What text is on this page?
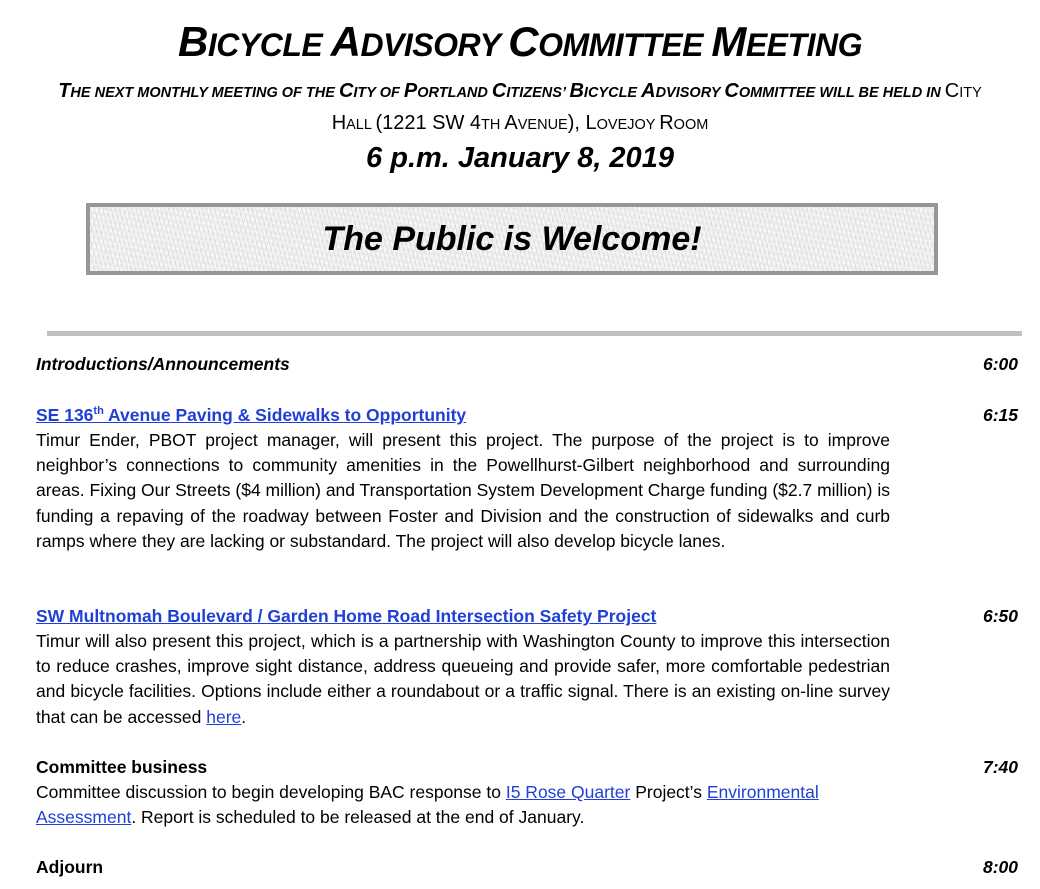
BICYCLE ADVISORY COMMITTEE MEETING
THE NEXT MONTHLY MEETING OF THE CITY OF PORTLAND CITIZENS’ BICYCLE ADVISORY COMMITTEE WILL BE HELD IN CITY
HALL (1221 SW 4TH AVENUE), LOVEJOY ROOM
6 p.m. January 8, 2019
The Public is Welcome!
Introductions/Announcements	6:00
SE 136th Avenue Paving & Sidewalks to Opportunity	6:15
Timur Ender, PBOT project manager, will present this project. The purpose of the project is to improve neighbor’s connections to community amenities in the Powellhurst-Gilbert neighborhood and surrounding areas. Fixing Our Streets ($4 million) and Transportation System Development Charge funding ($2.7 million) is funding a repaving of the roadway between Foster and Division and the construction of sidewalks and curb ramps where they are lacking or substandard. The project will also develop bicycle lanes.
SW Multnomah Boulevard / Garden Home Road Intersection Safety Project	6:50
Timur will also present this project, which is a partnership with Washington County to improve this intersection to reduce crashes, improve sight distance, address queueing and provide safer, more comfortable pedestrian and bicycle facilities. Options include either a roundabout or a traffic signal. There is an existing on-line survey that can be accessed here.
Committee business	7:40
Committee discussion to begin developing BAC response to I5 Rose Quarter Project’s Environmental Assessment. Report is scheduled to be released at the end of January.
Adjourn	8:00
